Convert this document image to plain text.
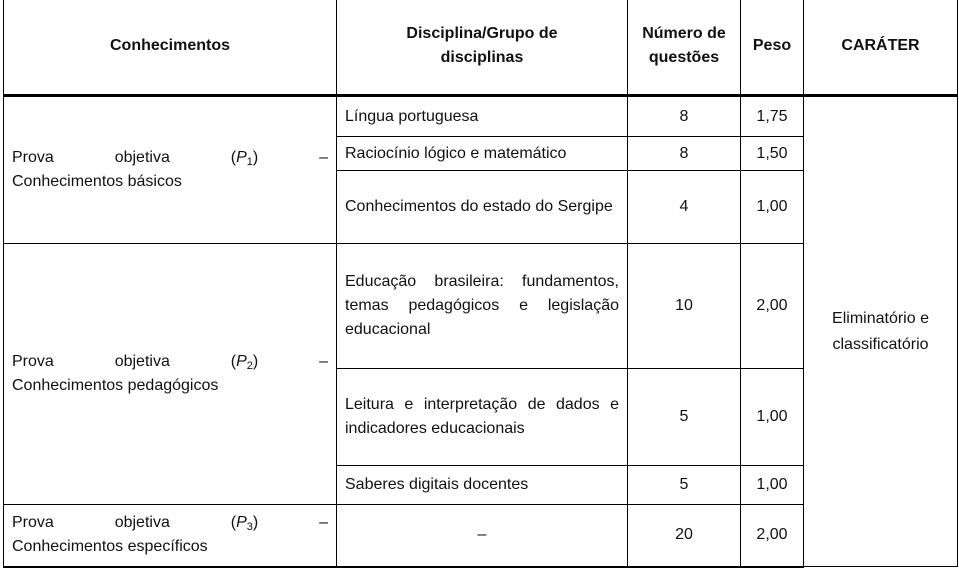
Conhecimentos	Disciplina/Grupo de disciplinas	Número de questões	Peso	CARÁTER

Prova objetiva $(P_1)$ –
Conhecimentos básicos	Língua portuguesa	8	1,75	Eliminatório e classificatório
	Raciocínio lógico e matemático	8	1,50	
	Conhecimentos do estado do Sergipe	4	1,00	

Prova objetiva $(P_2)$ –
Conhecimentos pedagógicos	Educação brasileira: fundamentos, temas pedagógicos e legislação educacional	10	2,00	
	Leitura e interpretação de dados e indicadores educacionais	5	1,00	
	Saberes digitais docentes	5	1,00	

Prova objetiva $(P_3)$ –
Conhecimentos específicos	–	20	2,00	
